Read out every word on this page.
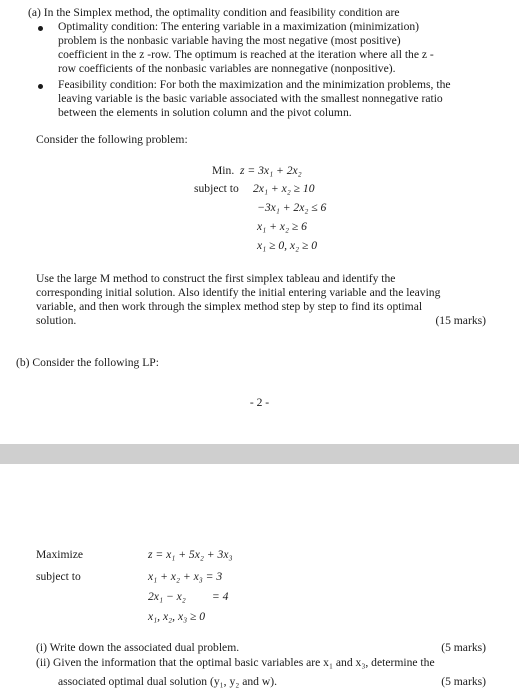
(a) In the Simplex method, the optimality condition and feasibility condition are
Optimality condition: The entering variable in a maximization (minimization)
problem is the nonbasic variable having the most negative (most positive)
coefficient in the z -row. The optimum is reached at the iteration where all the z -
row coefficients of the nonbasic variables are nonnegative (nonpositive).
Feasibility condition: For both the maximization and the minimization problems, the
leaving variable is the basic variable associated with the smallest nonnegative ratio
between the elements in solution column and the pivot column.
Consider the following problem:
Min. z = 3x₁ + 2x₂
subject to 2x₁ + x₂ ≥ 10
−3x₁ + 2x₂ ≤ 6
x₁ + x₂ ≥ 6
x₁ ≥ 0, x₂ ≥ 0
Use the large M method to construct the first simplex tableau and identify the
corresponding initial solution. Also identify the initial entering variable and the leaving
variable, and then work through the simplex method step by step to find its optimal
solution.	(15 marks)
(b) Consider the following LP:
- 2 -
Maximize
subject to
z = x₁ + 5x₂ + 3x₃
x₁ + x₂ + x₃ = 3
2x₁ − x₂         = 4
x₁, x₂, x₃ ≥ 0
(i) Write down the associated dual problem.	(5 marks)
(ii) Given the information that the optimal basic variables are x₁ and x₃, determine the
associated optimal dual solution (y₁, y₂ and w).	(5 marks)
